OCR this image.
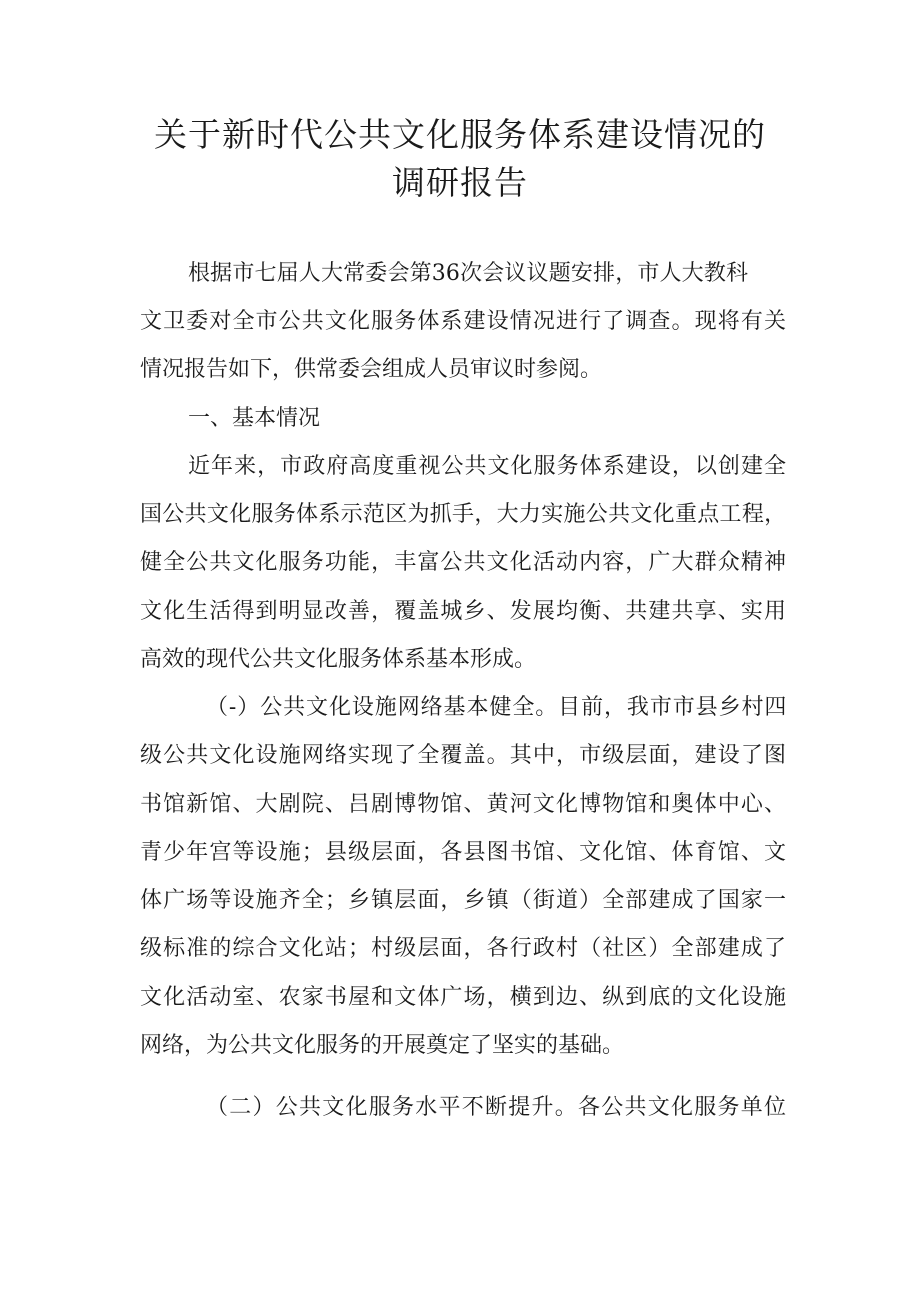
关于新时代公共文化服务体系建设情况的
调研报告
根据市七届人大常委会第36次会议议题安排，市人大教科
文卫委对全市公共文化服务体系建设情况进行了调查。现将有关
情况报告如下，供常委会组成人员审议时参阅。
一、基本情况
近年来，市政府高度重视公共文化服务体系建设，以创建全
国公共文化服务体系示范区为抓手，大力实施公共文化重点工程，
健全公共文化服务功能，丰富公共文化活动内容，广大群众精神
文化生活得到明显改善，覆盖城乡、发展均衡、共建共享、实用
高效的现代公共文化服务体系基本形成。
（-）公共文化设施网络基本健全。目前，我市市县乡村四
级公共文化设施网络实现了全覆盖。其中，市级层面，建设了图
书馆新馆、大剧院、吕剧博物馆、黄河文化博物馆和奥体中心、
青少年宫等设施；县级层面，各县图书馆、文化馆、体育馆、文
体广场等设施齐全；乡镇层面，乡镇（街道）全部建成了国家一
级标准的综合文化站；村级层面，各行政村（社区）全部建成了
文化活动室、农家书屋和文体广场，横到边、纵到底的文化设施
网络，为公共文化服务的开展奠定了坚实的基础。
（二）公共文化服务水平不断提升。各公共文化服务单位
